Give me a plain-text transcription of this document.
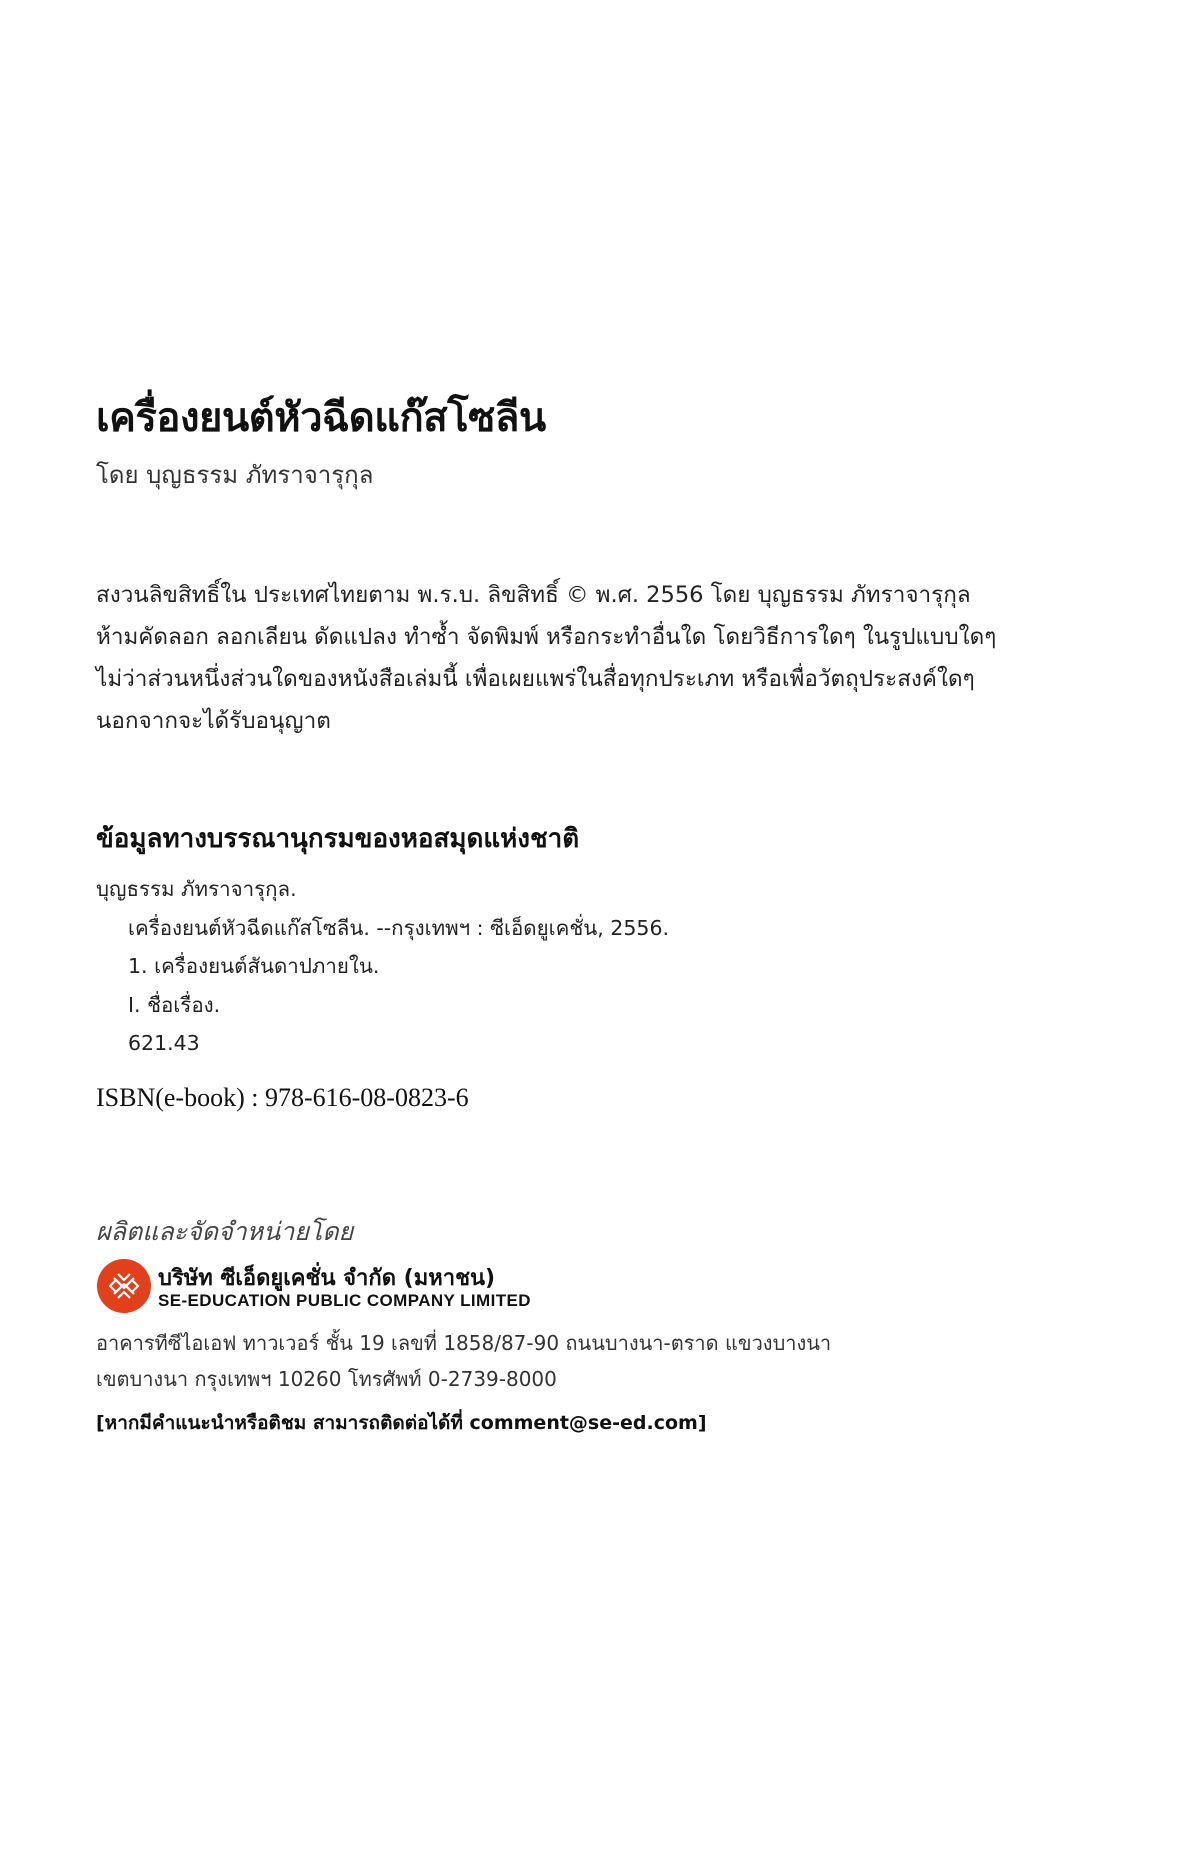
เครื่องยนต์หัวฉีดแก๊สโซลีน
โดย บุญธรรม ภัทราจารุกุล
สงวนลิขสิทธิ์ใน ประเทศไทยตาม พ.ร.บ. ลิขสิทธิ์ © พ.ศ. 2556 โดย บุญธรรม ภัทราจารุกุล
ห้ามคัดลอก ลอกเลียน ดัดแปลง ทำซ้ำ จัดพิมพ์ หรือกระทำอื่นใด โดยวิธีการใดๆ ในรูปแบบใดๆ
ไม่ว่าส่วนหนึ่งส่วนใดของหนังสือเล่มนี้ เพื่อเผยแพร่ในสื่อทุกประเภท หรือเพื่อวัตถุประสงค์ใดๆ
นอกจากจะได้รับอนุญาต
ข้อมูลทางบรรณานุกรมของหอสมุดแห่งชาติ
บุญธรรม ภัทราจารุกุล.
เครื่องยนต์หัวฉีดแก๊สโซลีน. --กรุงเทพฯ : ซีเอ็ดยูเคชั่น, 2556.
1. เครื่องยนต์สันดาปภายใน.
I. ชื่อเรื่อง.
621.43
ISBN(e-book) : 978-616-08-0823-6
ผลิตและจัดจำหน่ายโดย
บริษัท ซีเอ็ดยูเคชั่น จำกัด (มหาชน)
SE-EDUCATION PUBLIC COMPANY LIMITED
อาคารทีซีไอเอฟ ทาวเวอร์ ชั้น 19 เลขที่ 1858/87-90 ถนนบางนา-ตราด แขวงบางนา
เขตบางนา กรุงเทพฯ 10260 โทรศัพท์ 0-2739-8000
[หากมีคำแนะนำหรือติชม สามารถติดต่อได้ที่ comment@se-ed.com]
